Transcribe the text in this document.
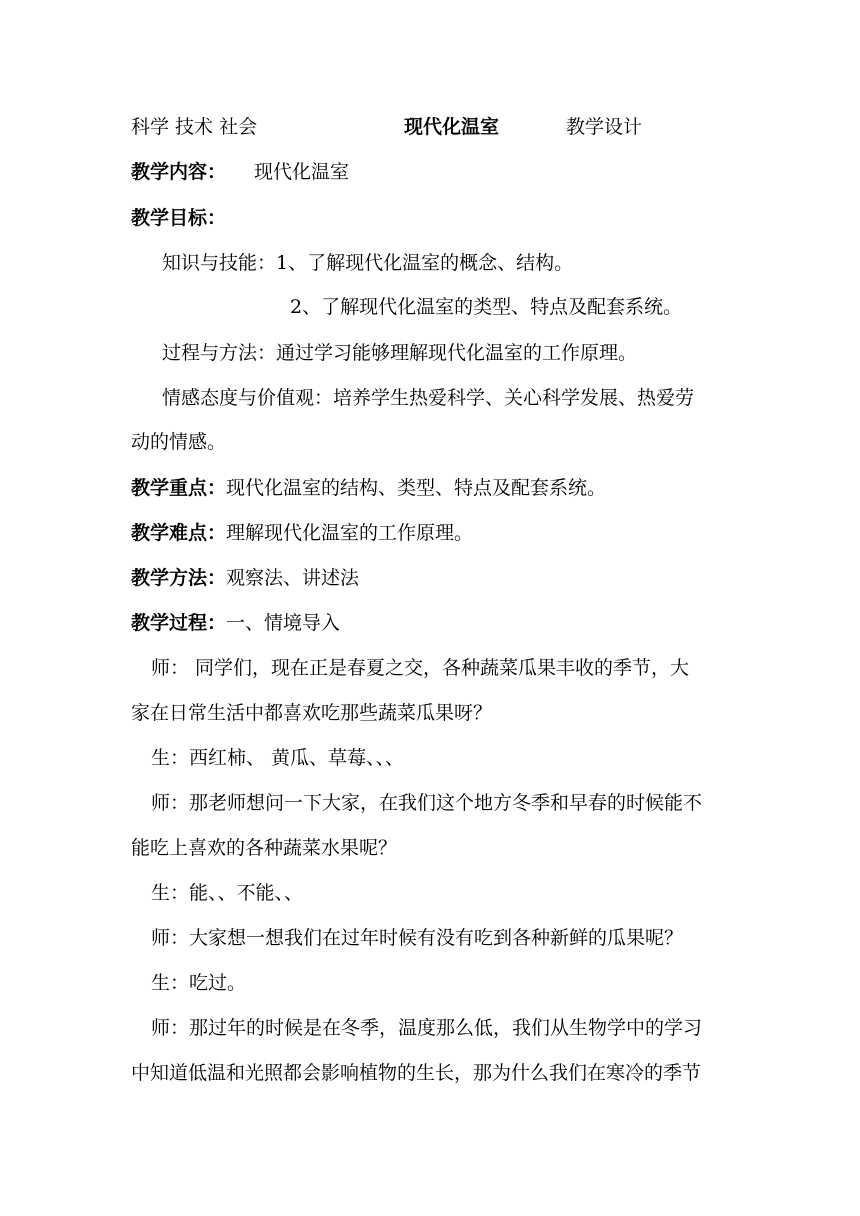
科学 技术 社会	现代化温室	教学设计
教学内容： 现代化温室
教学目标：
知识与技能：1、了解现代化温室的概念、结构。
2、了解现代化温室的类型、特点及配套系统。
过程与方法：通过学习能够理解现代化温室的工作原理。
情感态度与价值观：培养学生热爱科学、关心科学发展、热爱劳
动的情感。
教学重点：现代化温室的结构、类型、特点及配套系统。
教学难点：理解现代化温室的工作原理。
教学方法：观察法、讲述法
教学过程：一、情境导入
师： 同学们，现在正是春夏之交，各种蔬菜瓜果丰收的季节，大
家在日常生活中都喜欢吃那些蔬菜瓜果呀？
生：西红柿、 黄瓜、草莓、、、
师：那老师想问一下大家，在我们这个地方冬季和早春的时候能不
能吃上喜欢的各种蔬菜水果呢？
生：能、、不能、、
师：大家想一想我们在过年时候有没有吃到各种新鲜的瓜果呢？
生：吃过。
师：那过年的时候是在冬季，温度那么低，我们从生物学中的学习
中知道低温和光照都会影响植物的生长，那为什么我们在寒冷的季节
